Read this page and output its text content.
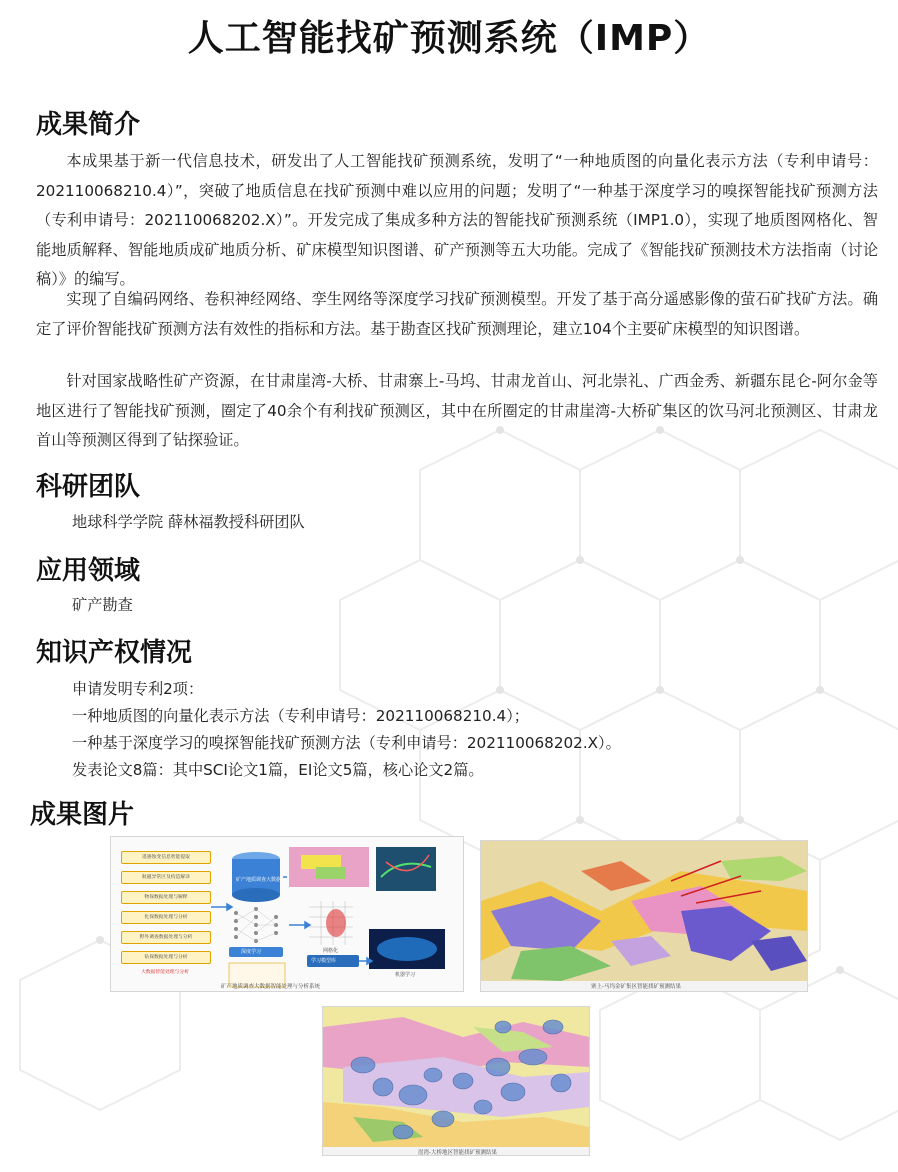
人工智能找矿预测系统（IMP）
成果简介

本成果基于新一代信息技术，研发出了人工智能找矿预测系统，发明了“一种地质图的向量化表示方法（专利申请号：202110068210.4）”，突破了地质信息在找矿预测中难以应用的问题；发明了“一种基于深度学习的嗅探智能找矿预测方法（专利申请号：202110068202.X）”。开发完成了集成多种方法的智能找矿预测系统（IMP1.0），实现了地质图网格化、智能地质解释、智能地质成矿地质分析、矿床模型知识图谱、矿产预测等五大功能。完成了《智能找矿预测技术方法指南（讨论稿）》的编写。

实现了自编码网络、卷积神经网络、孪生网络等深度学习找矿预测模型。开发了基于高分遥感影像的萤石矿找矿方法。确定了评价智能找矿预测方法有效性的指标和方法。基于勘查区找矿预测理论，建立104个主要矿床模型的知识图谱。

针对国家战略性矿产资源，在甘肃崖湾-大桥、甘肃寨上-马坞、甘肃龙首山、河北崇礼、广西金秀、新疆东昆仑-阿尔金等地区进行了智能找矿预测，圈定了40余个有利找矿预测区，其中在所圈定的甘肃崖湾-大桥矿集区的饮马河北预测区、甘肃龙首山等预测区得到了钻探验证。

科研团队
地球科学学院 薛林福教授科研团队
应用领域
矿产勘查
知识产权情况
申请发明专利2项：
一种地质图的向量化表示方法（专利申请号：202110068210.4）；
一种基于深度学习的嗅探智能找矿预测方法（专利申请号：202110068202.X）。
发表论文8篇：其中SCI论文1篇，EI论文5篇，核心论文2篇。
成果图片
遥感蚀变信息智能提取
航磁异常区及构造解译
物探数据处理与解释
化探数据处理与分析
野外调查数据处理与分析
钻探数据处理与分析
大数据智能处理与分析
矿产地质调查大数据
深度学习	网格化
学习模型库
机器学习
矿产地质调查大数据智能处理与分析系统	寨上-马坞金矿集区智能找矿预测结果
崖湾-大桥地区智能找矿预测结果
